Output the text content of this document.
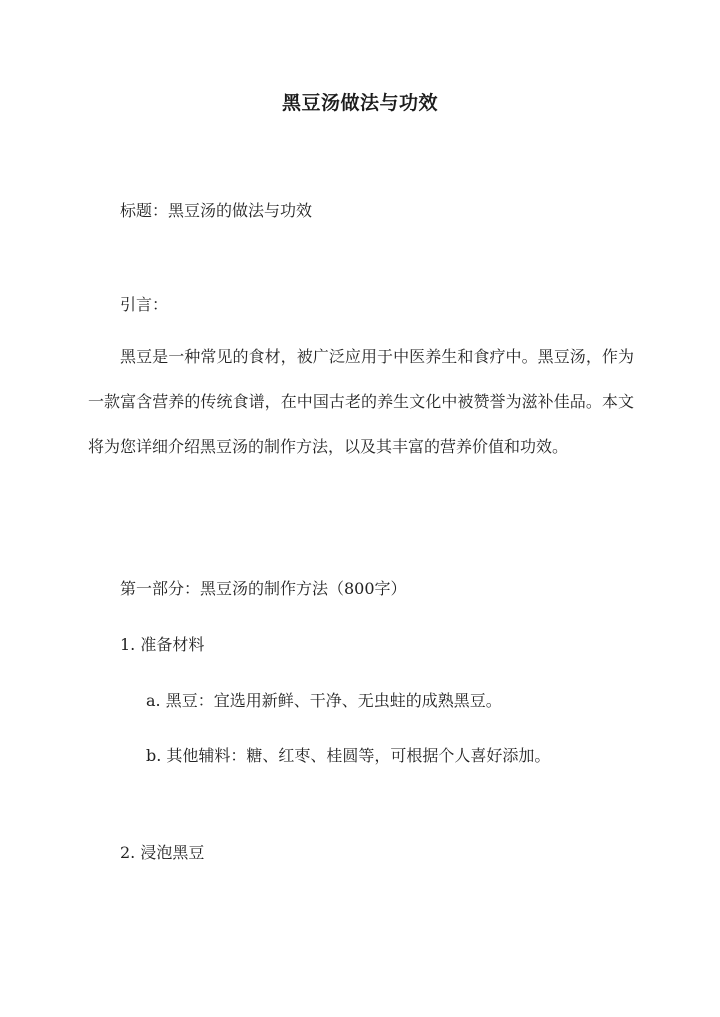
黑豆汤做法与功效
标题：黑豆汤的做法与功效
引言：
黑豆是一种常见的食材，被广泛应用于中医养生和食疗中。黑豆汤，作为一款富含营养的传统食谱，在中国古老的养生文化中被赞誉为滋补佳品。本文将为您详细介绍黑豆汤的制作方法，以及其丰富的营养价值和功效。
第一部分：黑豆汤的制作方法（800字）
1. 准备材料
a. 黑豆：宜选用新鲜、干净、无虫蛀的成熟黑豆。
b. 其他辅料：糖、红枣、桂圆等，可根据个人喜好添加。
2. 浸泡黑豆
